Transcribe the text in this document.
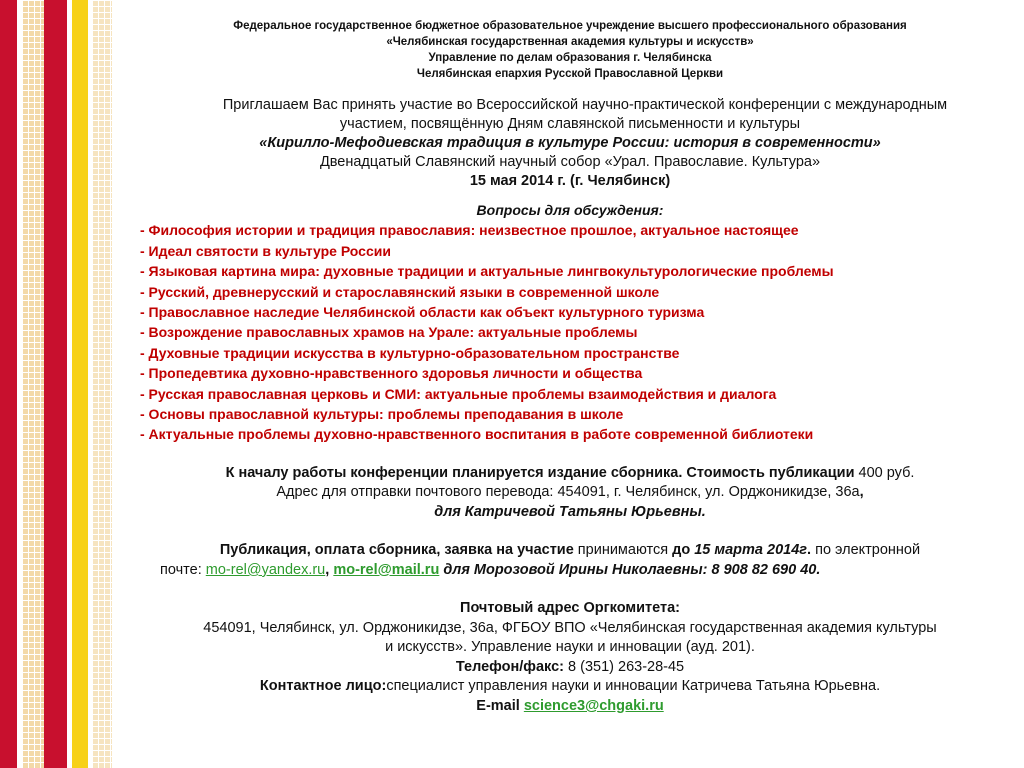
Федеральное государственное бюджетное образовательное учреждение высшего профессионального образования
«Челябинская государственная академия культуры и искусств»
Управление по делам образования г. Челябинска
Челябинская епархия Русской Православной Церкви
Приглашаем Вас принять участие во Всероссийской научно-практической конференции с международным
участием, посвящённую Дням славянской письменности и культуры
«Кирилло-Мефодиевская традиция в культуре России: история в современности»
Двенадцатый Славянский научный собор «Урал. Православие. Культура»
15 мая 2014 г. (г. Челябинск)
Вопросы для обсуждения:
- Философия истории и традиция православия: неизвестное прошлое, актуальное настоящее
- Идеал святости в культуре России
- Языковая картина мира: духовные традиции и актуальные лингвокультурологические проблемы
- Русский, древнерусский и старославянский языки в современной школе
- Православное наследие Челябинской области как объект культурного туризма
- Возрождение православных храмов на Урале: актуальные проблемы
- Духовные традиции искусства в культурно-образовательном пространстве
- Пропедевтика духовно-нравственного здоровья личности и общества
- Русская православная церковь и СМИ: актуальные проблемы взаимодействия и диалога
- Основы православной культуры: проблемы преподавания в школе
- Актуальные проблемы духовно-нравственного воспитания в работе современной библиотеки
К началу работы конференции планируется издание сборника. Стоимость публикации 400 руб.
Адрес для отправки почтового перевода: 454091, г. Челябинск, ул. Орджоникидзе, 36а,
для Катричевой Татьяны Юрьевны.
Публикация, оплата сборника, заявка на участие принимаются до 15 марта 2014г. по электронной
почте: mo-rel@yandex.ru, mo-rel@mail.ru для Морозовой Ирины Николаевны: 8 908 82 690 40.
Почтовый адрес Оргкомитета:
454091, Челябинск, ул. Орджоникидзе, 36а, ФГБОУ ВПО «Челябинская государственная академия культуры
и искусств». Управление науки и инновации (ауд. 201).
Телефон/факс: 8 (351) 263-28-45
Контактное лицо:специалист управления науки и инновации Катричева Татьяна Юрьевна.
E-mail science3@chgaki.ru
